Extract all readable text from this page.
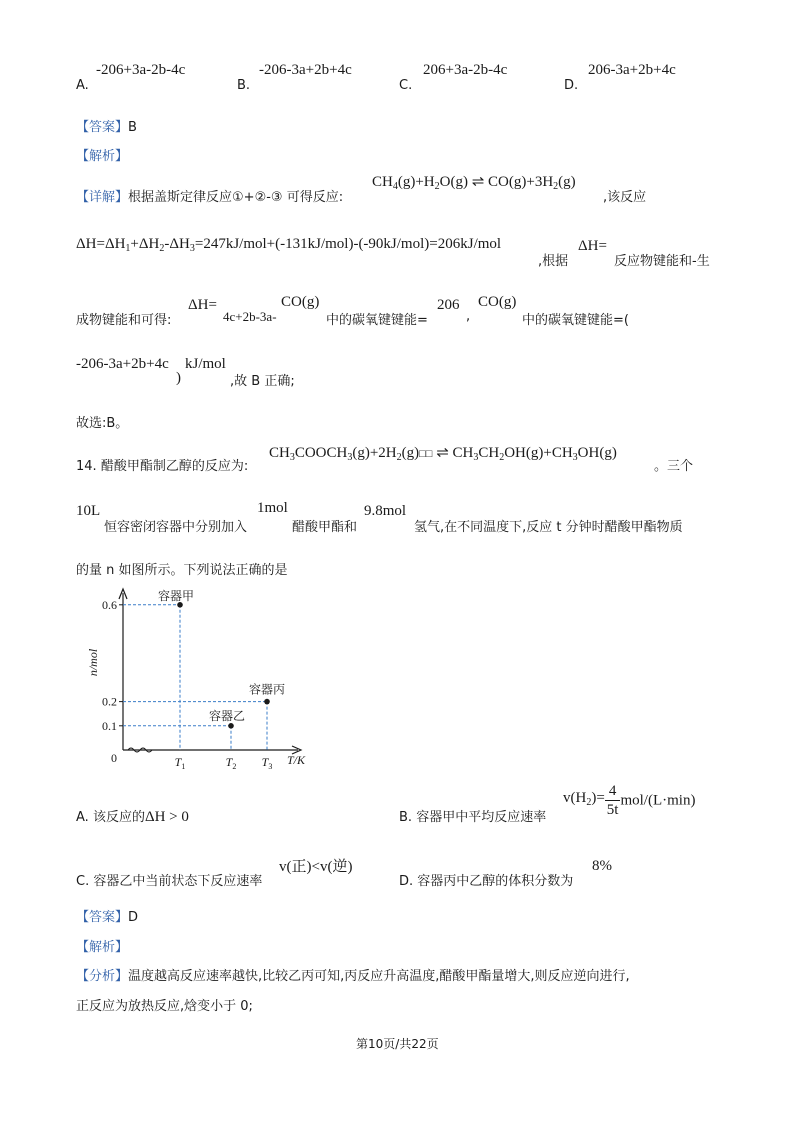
A.
-206+3a-2b-4c
B.
-206-3a+2b+4c
C.
206+3a-2b-4c
D.
206-3a+2b+4c
【答案】B
【解析】
【详解】根据盖斯定律反应①+②-③ 可得反应:
$CH_4(g)+H_2O(g)$ ⇌ $CO(g)+3H_2(g)$
,该反应
$\Delta H=\Delta H_1+\Delta H_2-\Delta H_3=247kJ/mol+(-131kJ/mol)-(-90kJ/mol)=206kJ$/mol
,根据
ΔH=
反应物键能和-生
成物键能和可得:
ΔH=
4c+2b-3a-
CO(g)
中的碳氧键键能=
206
,
CO(g)
中的碳氧键键能=(
-206-3a+2b+4c
)
kJ/mol
,故 B 正确;
故选:B。
14. 醋酸甲酯制乙醇的反应为:
$CH_3COOCH_3(g)+2H_2(g)□□$ ⇌ $CH_3CH_2OH(g)+CH_3OH(g)$
。三个
10L
恒容密闭容器中分别加入
1mol
醋酸甲酯和
9.8mol
氢气,在不同温度下,反应 t 分钟时醋酸甲酯物质
的量 n 如图所示。下列说法正确的是
0
n/mol
T/K
0.1
0.2
0.6
$T_1$	$T_2$ $T_3$
容器甲
容器乙
容器丙
A. 该反应的ΔH > 0	B. 容器甲中平均反应速率
$v(H_2)= \frac{4}{5t} mol/(L\cdot\min)$
C. 容器乙中当前状态下反应速率
v(正)<v(逆)
D. 容器丙中乙醇的体积分数为
8%
【答案】D
【解析】
【分析】温度越高反应速率越快,比较乙丙可知,丙反应升高温度,醋酸甲酯量增大,则反应逆向进行,
正反应为放热反应,焓变小于 0;
第10页/共22页
